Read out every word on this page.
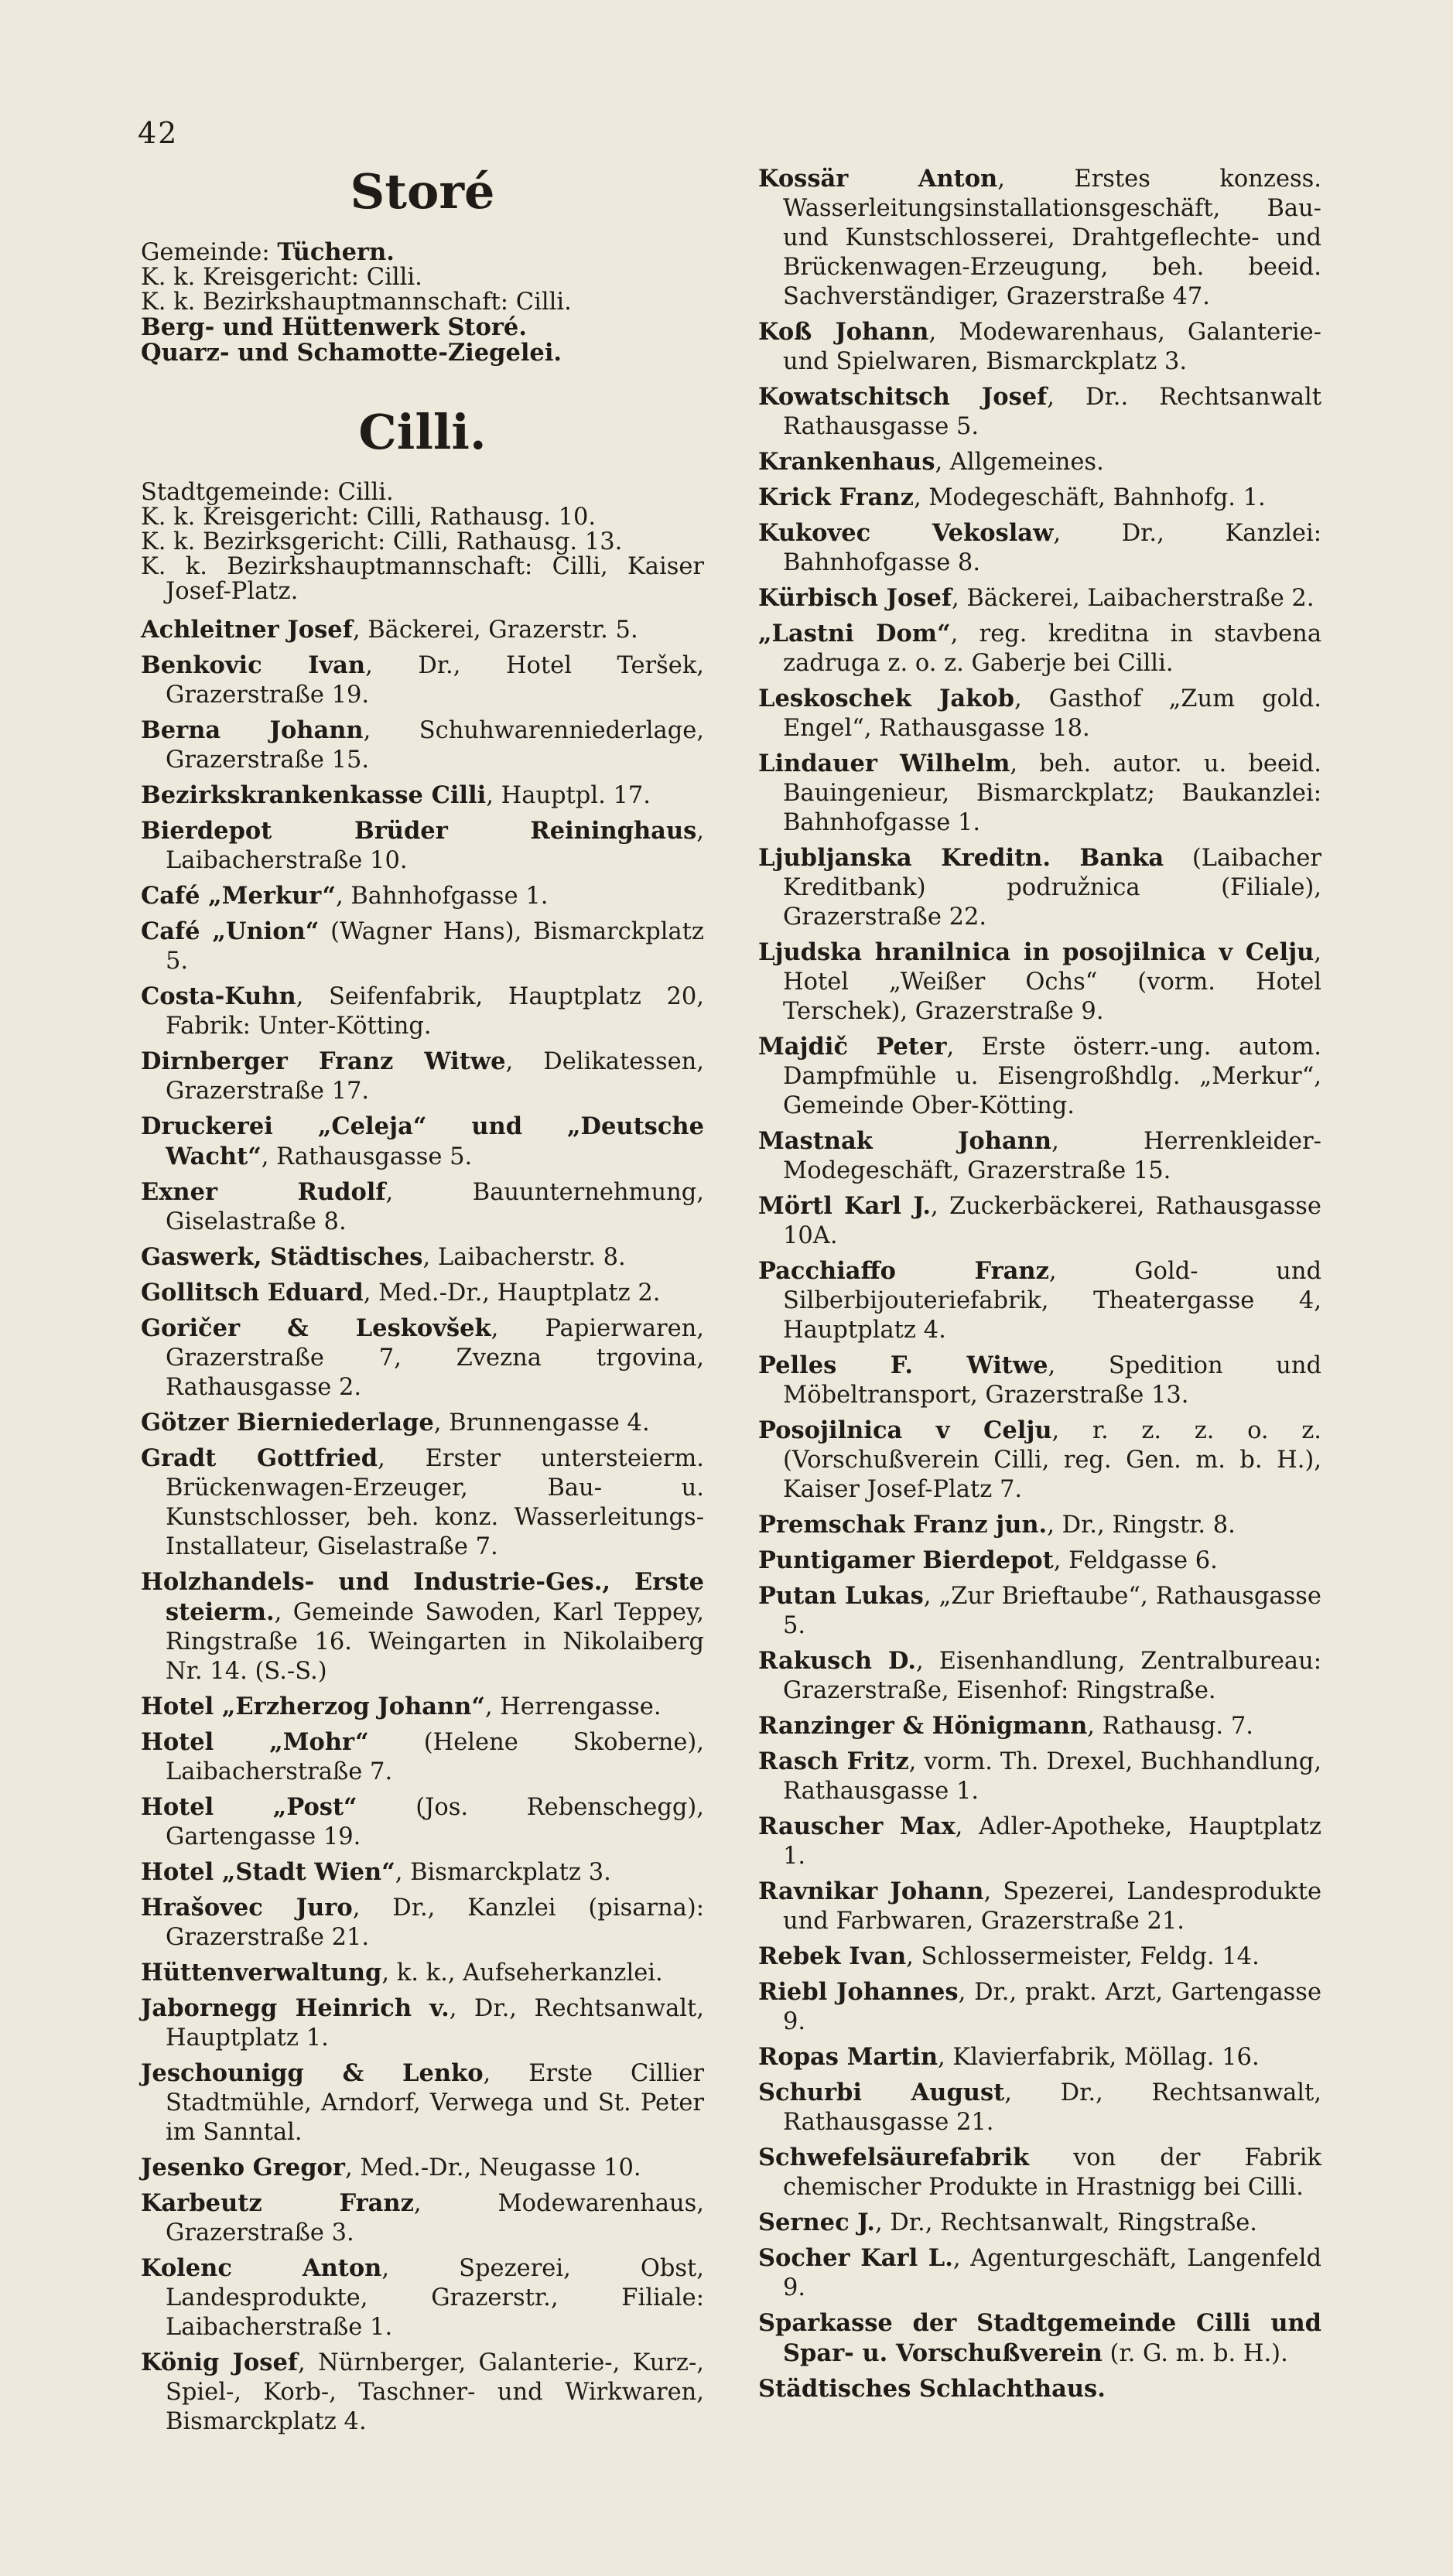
42
Storé

Gemeinde: Tüchern.

K. k. Kreisgericht: Cilli.

K. k. Bezirkshauptmannschaft: Cilli.

Berg- und Hüttenwerk Storé.

Quarz- und Schamotte-Ziegelei.

Cilli.

Stadtgemeinde: Cilli.

K. k. Kreisgericht: Cilli, Rathausg. 10.

K. k. Bezirksgericht: Cilli, Rathausg. 13.

K. k. Bezirkshauptmannschaft: Cilli, Kaiser Josef-Platz.

Achleitner Josef, Bäckerei, Grazerstr. 5.

Benkovic Ivan, Dr., Hotel Teršek, Grazerstraße 19.

Berna Johann, Schuhwarenniederlage, Grazerstraße 15.

Bezirkskrankenkasse Cilli, Hauptpl. 17.

Bierdepot Brüder Reininghaus, Laibacherstraße 10.

Café „Merkur“, Bahnhofgasse 1.

Café „Union“ (Wagner Hans), Bismarckplatz 5.

Costa-Kuhn, Seifenfabrik, Hauptplatz 20, Fabrik: Unter-Kötting.

Dirnberger Franz Witwe, Delikatessen, Grazerstraße 17.

Druckerei „Celeja“ und „Deutsche Wacht“, Rathausgasse 5.

Exner Rudolf, Bauunternehmung, Giselastraße 8.

Gaswerk, Städtisches, Laibacherstr. 8.

Gollitsch Eduard, Med.-Dr., Hauptplatz 2.

Goričer & Leskovšek, Papierwaren, Grazerstraße 7, Zvezna trgovina, Rathausgasse 2.

Götzer Bierniederlage, Brunnengasse 4.

Gradt Gottfried, Erster untersteierm. Brückenwagen-Erzeuger, Bau- u. Kunstschlosser, beh. konz. Wasserleitungs-Installateur, Giselastraße 7.

Holzhandels- und Industrie-Ges., Erste steierm., Gemeinde Sawoden, Karl Teppey, Ringstraße 16. Weingarten in Nikolaiberg Nr. 14. (S.-S.)

Hotel „Erzherzog Johann“, Herrengasse.

Hotel „Mohr“ (Helene Skoberne), Laibacherstraße 7.

Hotel „Post“ (Jos. Rebenschegg), Gartengasse 19.

Hotel „Stadt Wien“, Bismarckplatz 3.

Hrašovec Juro, Dr., Kanzlei (pisarna): Grazerstraße 21.

Hüttenverwaltung, k. k., Aufseherkanzlei.

Jabornegg Heinrich v., Dr., Rechtsanwalt, Hauptplatz 1.

Jeschounigg & Lenko, Erste Cillier Stadtmühle, Arndorf, Verwega und St. Peter im Sanntal.

Jesenko Gregor, Med.-Dr., Neugasse 10.

Karbeutz Franz, Modewarenhaus, Grazerstraße 3.

Kolenc Anton, Spezerei, Obst, Landesprodukte, Grazerstr., Filiale: Laibacherstraße 1.

König Josef, Nürnberger, Galanterie-, Kurz-, Spiel-, Korb-, Taschner- und Wirkwaren, Bismarckplatz 4.

Kossär Anton, Erstes konzess. Wasserleitungsinstallationsgeschäft, Bau- und Kunstschlosserei, Drahtgeflechte- und Brückenwagen-Erzeugung, beh. beeid. Sachverständiger, Grazerstraße 47.

Koß Johann, Modewarenhaus, Galanterie- und Spielwaren, Bismarckplatz 3.

Kowatschitsch Josef, Dr.. Rechtsanwalt Rathausgasse 5.

Krankenhaus, Allgemeines.

Krick Franz, Modegeschäft, Bahnhofg. 1.

Kukovec Vekoslaw, Dr., Kanzlei: Bahnhofgasse 8.

Kürbisch Josef, Bäckerei, Laibacherstraße 2.

„Lastni Dom“, reg. kreditna in stavbena zadruga z. o. z. Gaberje bei Cilli.

Leskoschek Jakob, Gasthof „Zum gold. Engel“, Rathausgasse 18.

Lindauer Wilhelm, beh. autor. u. beeid. Bauingenieur, Bismarckplatz; Baukanzlei: Bahnhofgasse 1.

Ljubljanska Kreditn. Banka (Laibacher Kreditbank) podružnica (Filiale), Grazerstraße 22.

Ljudska hranilnica in posojilnica v Celju, Hotel „Weißer Ochs“ (vorm. Hotel Terschek), Grazerstraße 9.

Majdič Peter, Erste österr.-ung. autom. Dampfmühle u. Eisengroßhdlg. „Merkur“, Gemeinde Ober-Kötting.

Mastnak Johann, Herrenkleider-Modegeschäft, Grazerstraße 15.

Mörtl Karl J., Zuckerbäckerei, Rathausgasse 10A.

Pacchiaffo Franz, Gold- und Silberbijouteriefabrik, Theatergasse 4, Hauptplatz 4.

Pelles F. Witwe, Spedition und Möbeltransport, Grazerstraße 13.

Posojilnica v Celju, r. z. z. o. z. (Vorschußverein Cilli, reg. Gen. m. b. H.), Kaiser Josef-Platz 7.

Premschak Franz jun., Dr., Ringstr. 8.

Puntigamer Bierdepot, Feldgasse 6.

Putan Lukas, „Zur Brieftaube“, Rathausgasse 5.

Rakusch D., Eisenhandlung, Zentralbureau: Grazerstraße, Eisenhof: Ringstraße.

Ranzinger & Hönigmann, Rathausg. 7.

Rasch Fritz, vorm. Th. Drexel, Buchhandlung, Rathausgasse 1.

Rauscher Max, Adler-Apotheke, Hauptplatz 1.

Ravnikar Johann, Spezerei, Landesprodukte und Farbwaren, Grazerstraße 21.

Rebek Ivan, Schlossermeister, Feldg. 14.

Riebl Johannes, Dr., prakt. Arzt, Gartengasse 9.

Ropas Martin, Klavierfabrik, Möllag. 16.

Schurbi August, Dr., Rechtsanwalt, Rathausgasse 21.

Schwefelsäurefabrik von der Fabrik chemischer Produkte in Hrastnigg bei Cilli.

Sernec J., Dr., Rechtsanwalt, Ringstraße.

Socher Karl L., Agenturgeschäft, Langenfeld 9.

Sparkasse der Stadtgemeinde Cilli und Spar- u. Vorschußverein (r. G. m. b. H.).

Städtisches Schlachthaus.
